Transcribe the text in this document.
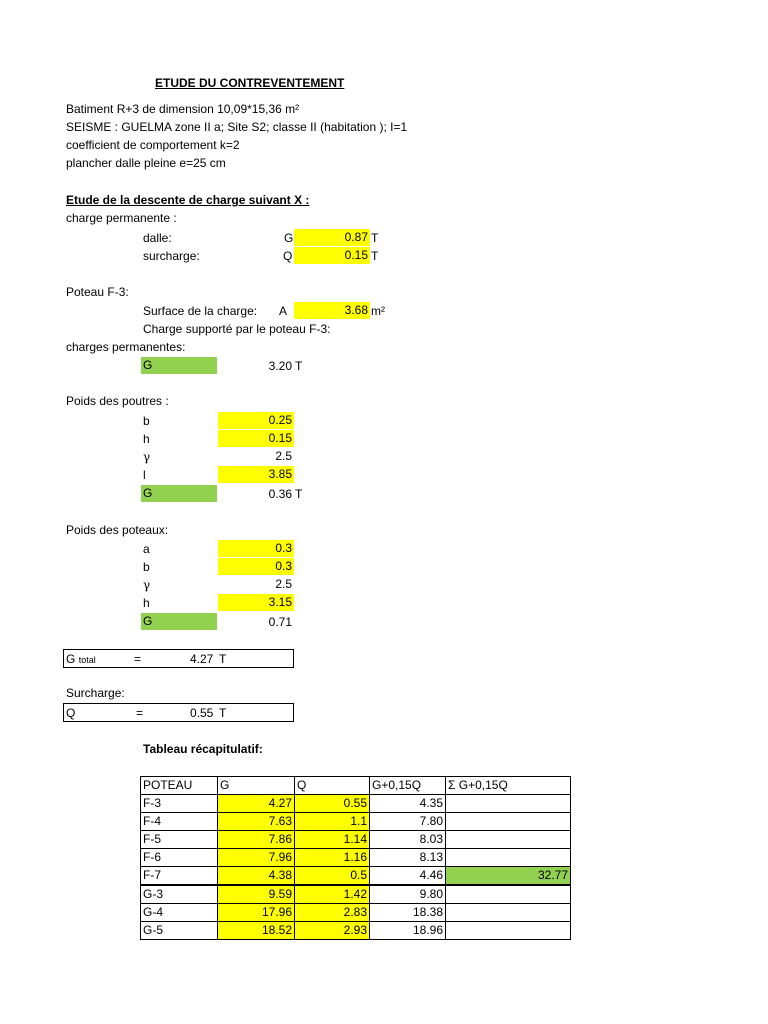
ETUDE DU CONTREVENTEMENT
Batiment R+3 de dimension 10,09*15,36 m²
SEISME : GUELMA zone II a; Site S2; classe II (habitation ); I=1
coefficient de comportement k=2
plancher dalle pleine e=25 cm
Etude de la descente de charge suivant X :
charge permanente :
dalle:	G	0.87 T
surcharge:	Q	0.15 T
Poteau F-3:
Surface de la charge: A	3.68 m²
Charge supporté par le poteau F-3:
charges permanentes:
G	3.20 T
Poids des poutres :
b	0.25
h	0.15
γ	2.5
l	3.85
G	0.36 T
Poids des poteaux:
a	0.3
b	0.3
γ	2.5
h	3.15
G	0.71
G total	=	4.27 T
Surcharge:
Q	=	0.55 T
Tableau récapitulatif:
POTEAU	G	Q	G+0,15Q	Σ G+0,15Q
F-3	4.27	0.55	4.35	
F-4	7.63	1.1	7.80	
F-5	7.86	1.14	8.03	
F-6	7.96	1.16	8.13	
F-7	4.38	0.5	4.46	32.77
G-3	9.59	1.42	9.80	
G-4	17.96	2.83	18.38	
G-5	18.52	2.93	18.96	
